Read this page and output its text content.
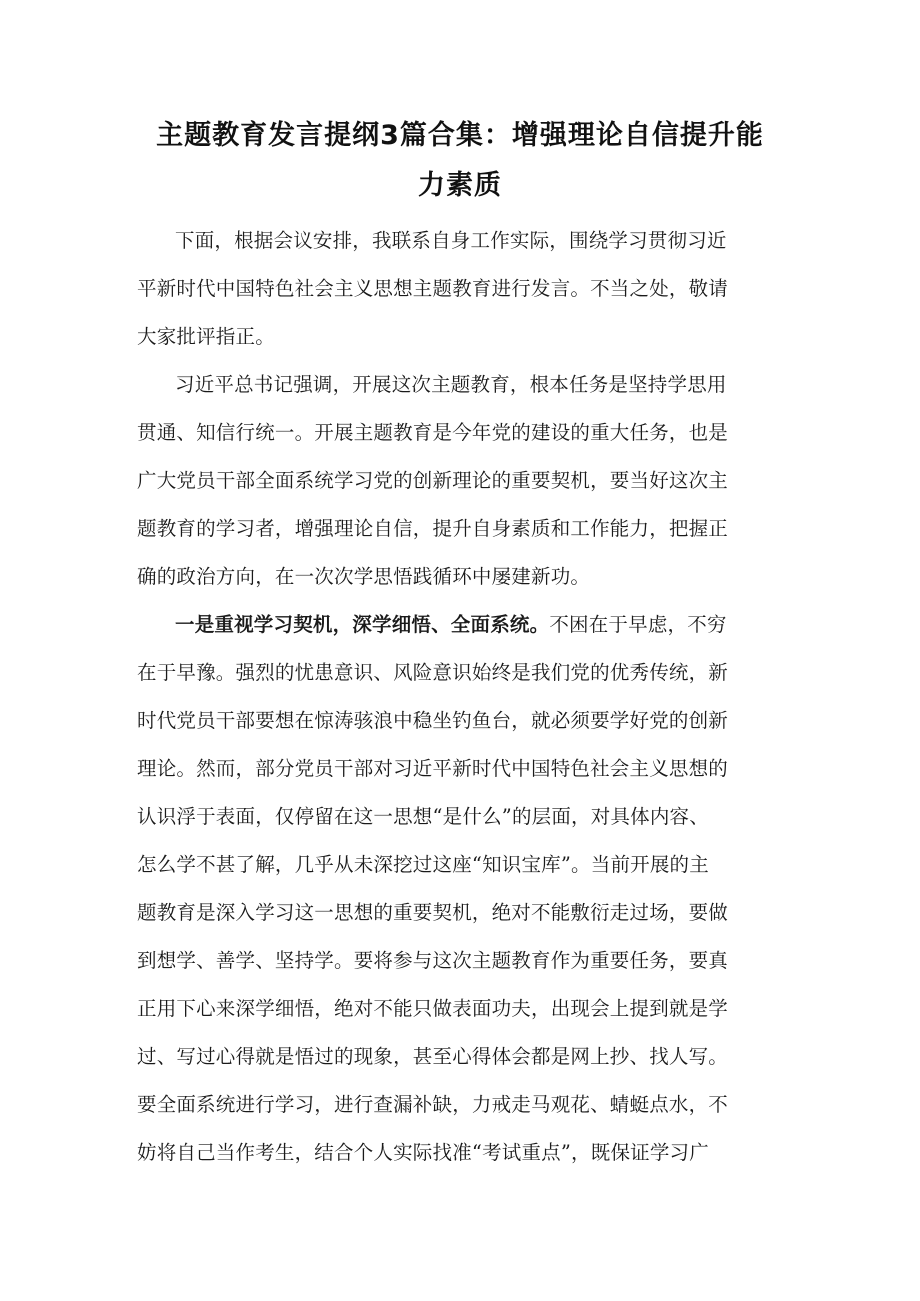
主题教育发言提纲3篇合集：增强理论自信提升能
力素质
下面，根据会议安排，我联系自身工作实际，围绕学习贯彻习近
平新时代中国特色社会主义思想主题教育进行发言。不当之处，敬请
大家批评指正。
习近平总书记强调，开展这次主题教育，根本任务是坚持学思用
贯通、知信行统一。开展主题教育是今年党的建设的重大任务，也是
广大党员干部全面系统学习党的创新理论的重要契机，要当好这次主
题教育的学习者，增强理论自信，提升自身素质和工作能力，把握正
确的政治方向，在一次次学思悟践循环中屡建新功。
一是重视学习契机，深学细悟、全面系统。不困在于早虑，不穷
在于早豫。强烈的忧患意识、风险意识始终是我们党的优秀传统，新
时代党员干部要想在惊涛骇浪中稳坐钓鱼台，就必须要学好党的创新
理论。然而，部分党员干部对习近平新时代中国特色社会主义思想的
认识浮于表面，仅停留在这一思想“是什么”的层面，对具体内容、
怎么学不甚了解，几乎从未深挖过这座“知识宝库”。当前开展的主
题教育是深入学习这一思想的重要契机，绝对不能敷衍走过场，要做
到想学、善学、坚持学。要将参与这次主题教育作为重要任务，要真
正用下心来深学细悟，绝对不能只做表面功夫，出现会上提到就是学
过、写过心得就是悟过的现象，甚至心得体会都是网上抄、找人写。
要全面系统进行学习，进行查漏补缺，力戒走马观花、蜻蜓点水，不
妨将自己当作考生，结合个人实际找准“考试重点”，既保证学习广
